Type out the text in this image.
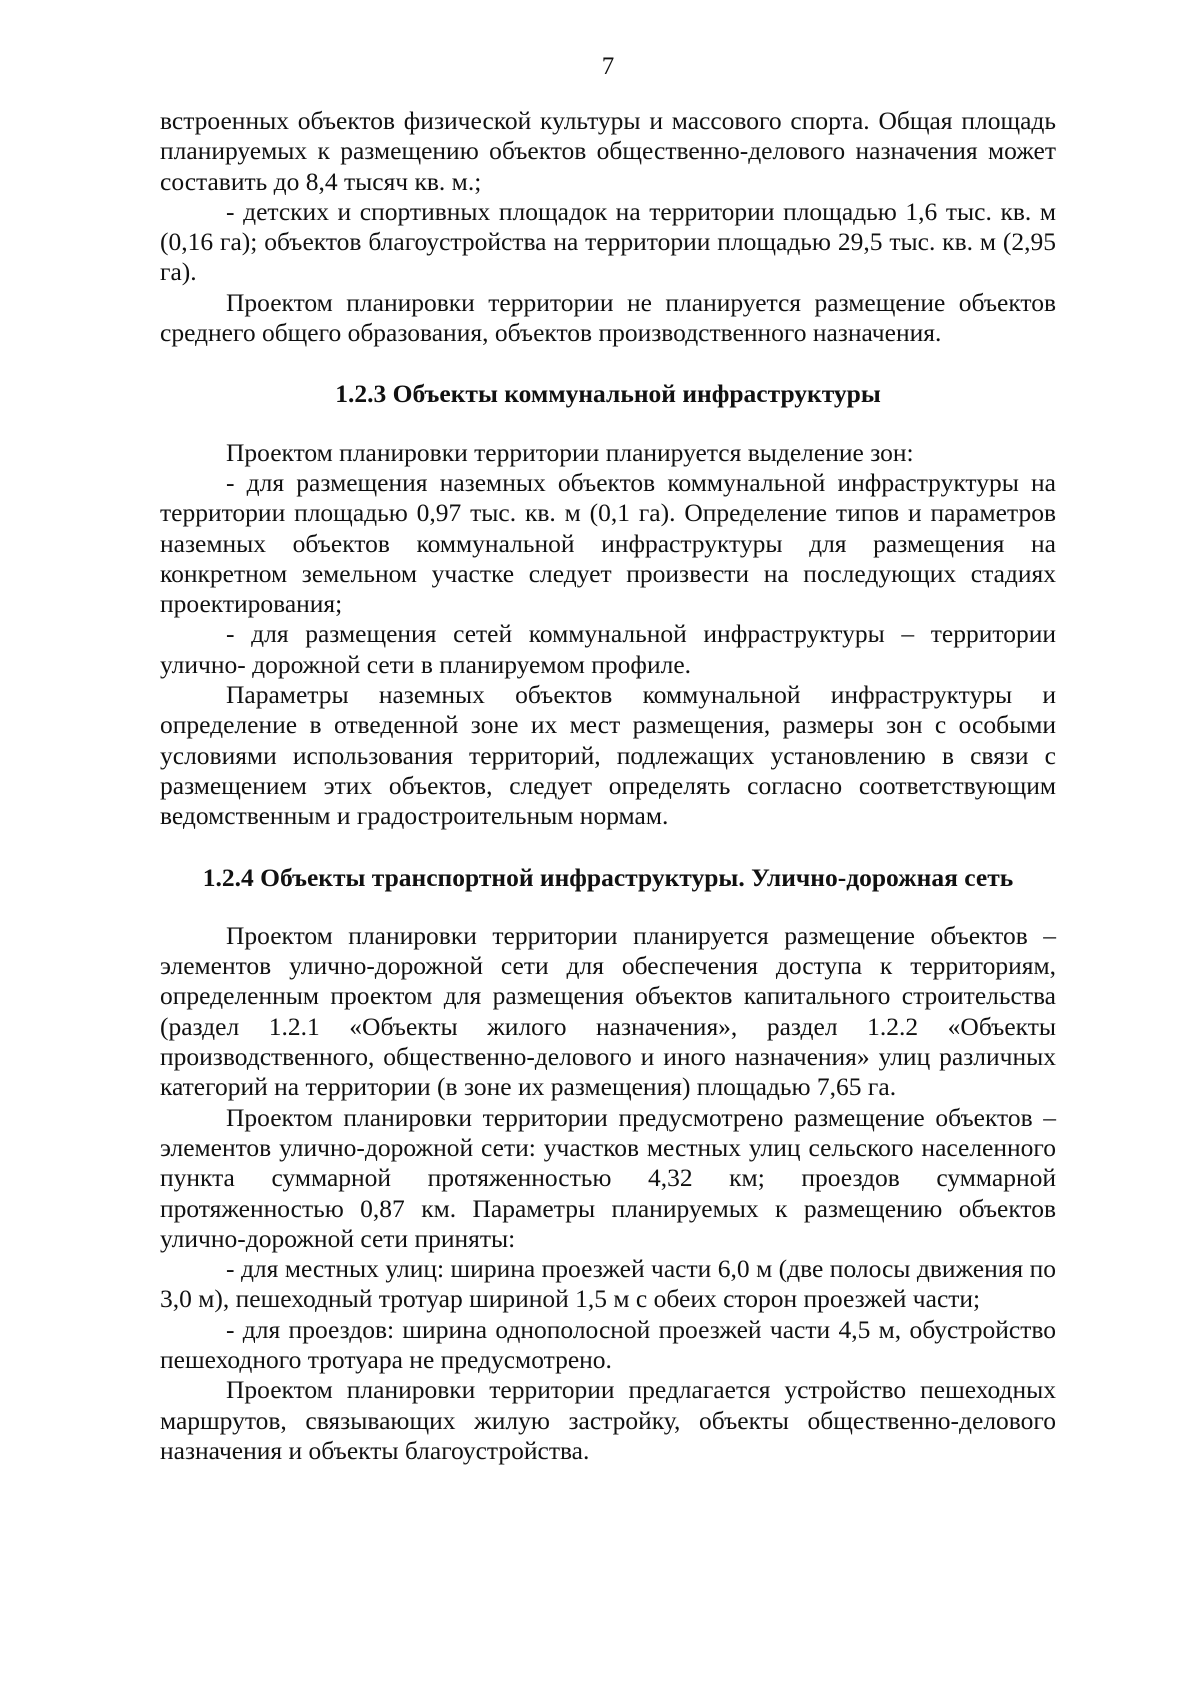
7

встроенных объектов физической культуры и массового спорта. Общая площадь планируемых к размещению объектов общественно-делового назначения может составить до 8,4 тысяч кв. м.;

- детских и спортивных площадок на территории площадью 1,6 тыс. кв. м (0,16 га); объектов благоустройства на территории площадью 29,5 тыс. кв. м (2,95 га).

Проектом планировки территории не планируется размещение объектов среднего общего образования, объектов производственного назначения.

1.2.3 Объекты коммунальной инфраструктуры

Проектом планировки территории планируется выделение зон:

- для размещения наземных объектов коммунальной инфраструктуры на территории площадью 0,97 тыс. кв. м (0,1 га). Определение типов и параметров наземных объектов коммунальной инфраструктуры для размещения на конкретном земельном участке следует произвести на последующих стадиях проектирования;

- для размещения сетей коммунальной инфраструктуры – территории улично- дорожной сети в планируемом профиле.

Параметры наземных объектов коммунальной инфраструктуры и определение в отведенной зоне их мест размещения, размеры зон с особыми условиями использования территорий, подлежащих установлению в связи с размещением этих объектов, следует определять согласно соответствующим ведомственным и градостроительным нормам.

1.2.4 Объекты транспортной инфраструктуры. Улично-дорожная сеть

Проектом планировки территории планируется размещение объектов – элементов улично-дорожной сети для обеспечения доступа к территориям, определенным проектом для размещения объектов капитального строительства (раздел 1.2.1 «Объекты жилого назначения», раздел 1.2.2 «Объекты производственного, общественно-делового и иного назначения» улиц различных категорий на территории (в зоне их размещения) площадью 7,65 га.

Проектом планировки территории предусмотрено размещение объектов – элементов улично-дорожной сети: участков местных улиц сельского населенного пункта суммарной протяженностью 4,32 км; проездов суммарной протяженностью 0,87 км. Параметры планируемых к размещению объектов улично-дорожной сети приняты:

- для местных улиц: ширина проезжей части 6,0 м (две полосы движения по 3,0 м), пешеходный тротуар шириной 1,5 м с обеих сторон проезжей части;

- для проездов: ширина однополосной проезжей части 4,5 м, обустройство пешеходного тротуара не предусмотрено.

Проектом планировки территории предлагается устройство пешеходных маршрутов, связывающих жилую застройку, объекты общественно-делового назначения и объекты благоустройства.
